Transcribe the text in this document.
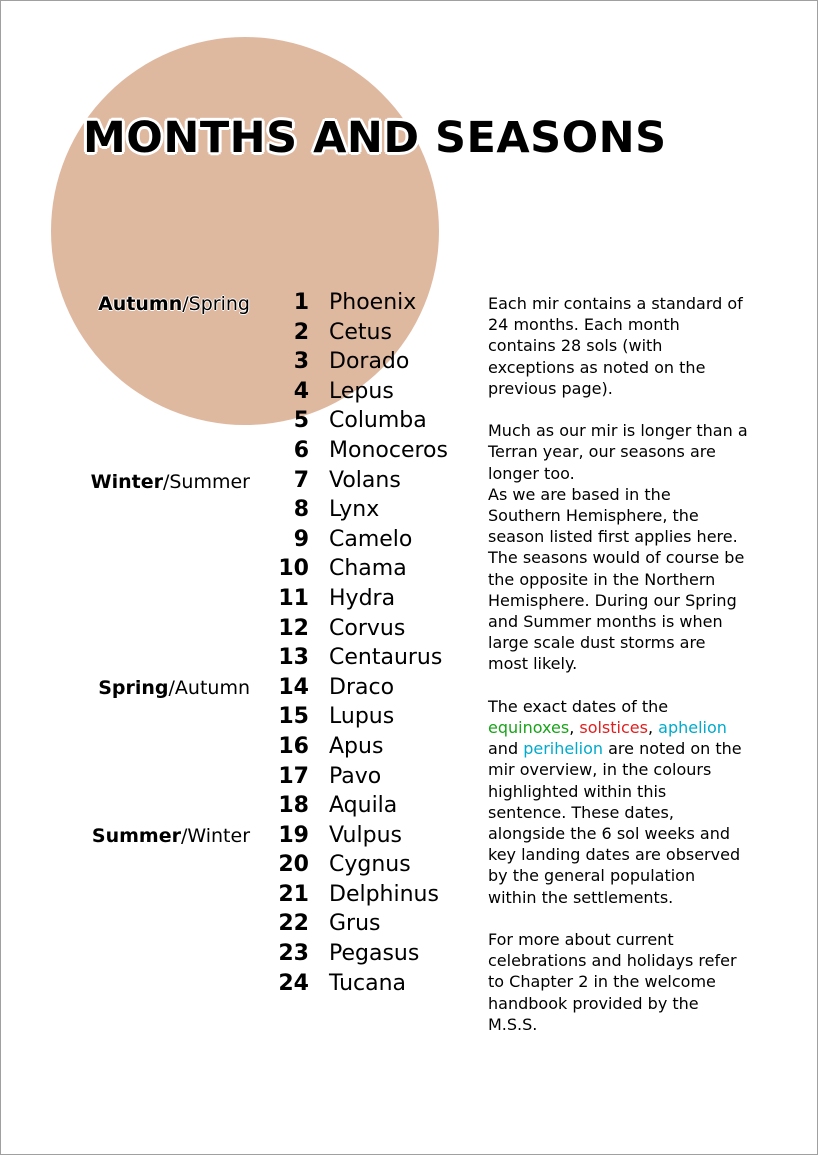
MONTHS AND SEASONS
Autumn/Spring
Winter/Summer
Spring/Autumn
Summer/Winter
1 Phoenix
2 Cetus
3 Dorado
4 Lepus
5 Columba
6 Monoceros
7 Volans
8 Lynx
9 Camelo
10 Chama
11 Hydra
12 Corvus
13 Centaurus
14 Draco
15 Lupus
16 Apus
17 Pavo
18 Aquila
19 Vulpus
20 Cygnus
21 Delphinus
22 Grus
23 Pegasus
24 Tucana

Each mir contains a standard of 24 months. Each month contains 28 sols (with exceptions as noted on the previous page).

Much as our mir is longer than a Terran year, our seasons are longer too.
As we are based in the Southern Hemisphere, the season listed first applies here. The seasons would of course be the opposite in the Northern Hemisphere. During our Spring and Summer months is when large scale dust storms are most likely.

The exact dates of the equinoxes, solstices, aphelion and perihelion are noted on the mir overview, in the colours highlighted within this sentence. These dates, alongside the 6 sol weeks and key landing dates are observed by the general population within the settlements.

For more about current celebrations and holidays refer to Chapter 2 in the welcome handbook provided by the M.S.S.
